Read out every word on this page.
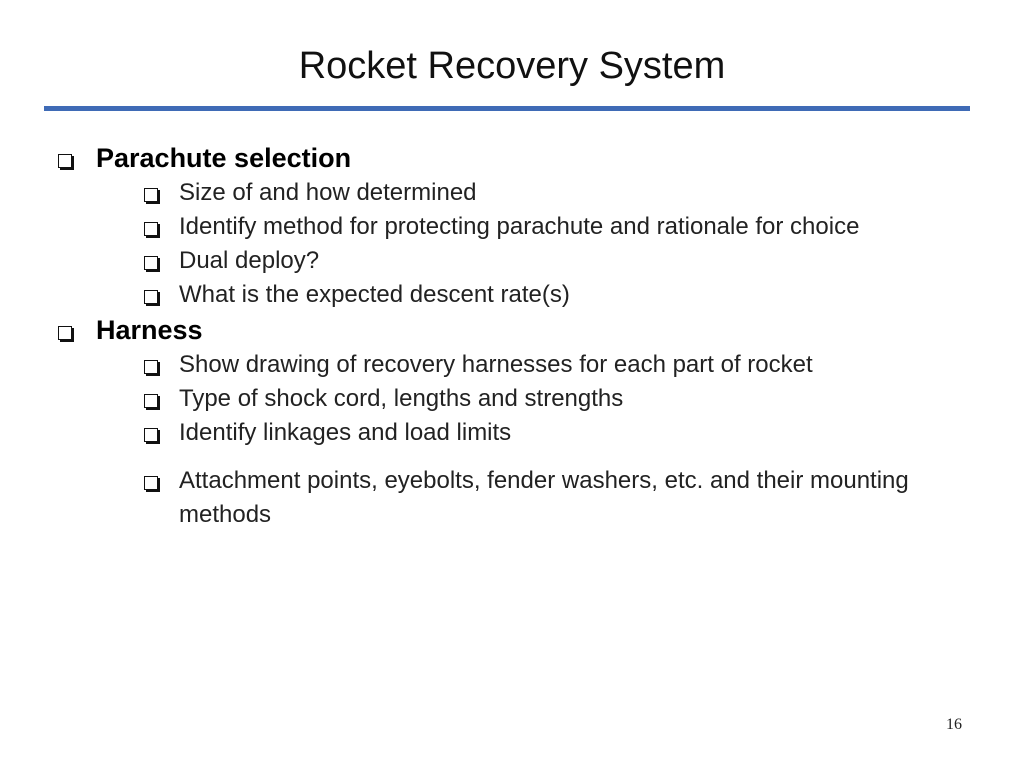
Rocket Recovery System
Parachute selection
Size of and how determined
Identify method for protecting parachute and rationale for choice
Dual deploy?
What is the expected descent rate(s)
Harness
Show drawing of recovery harnesses for each part of rocket
Type of shock cord, lengths and strengths
Identify linkages and load limits
Attachment points, eyebolts, fender washers, etc. and their mounting methods
16
